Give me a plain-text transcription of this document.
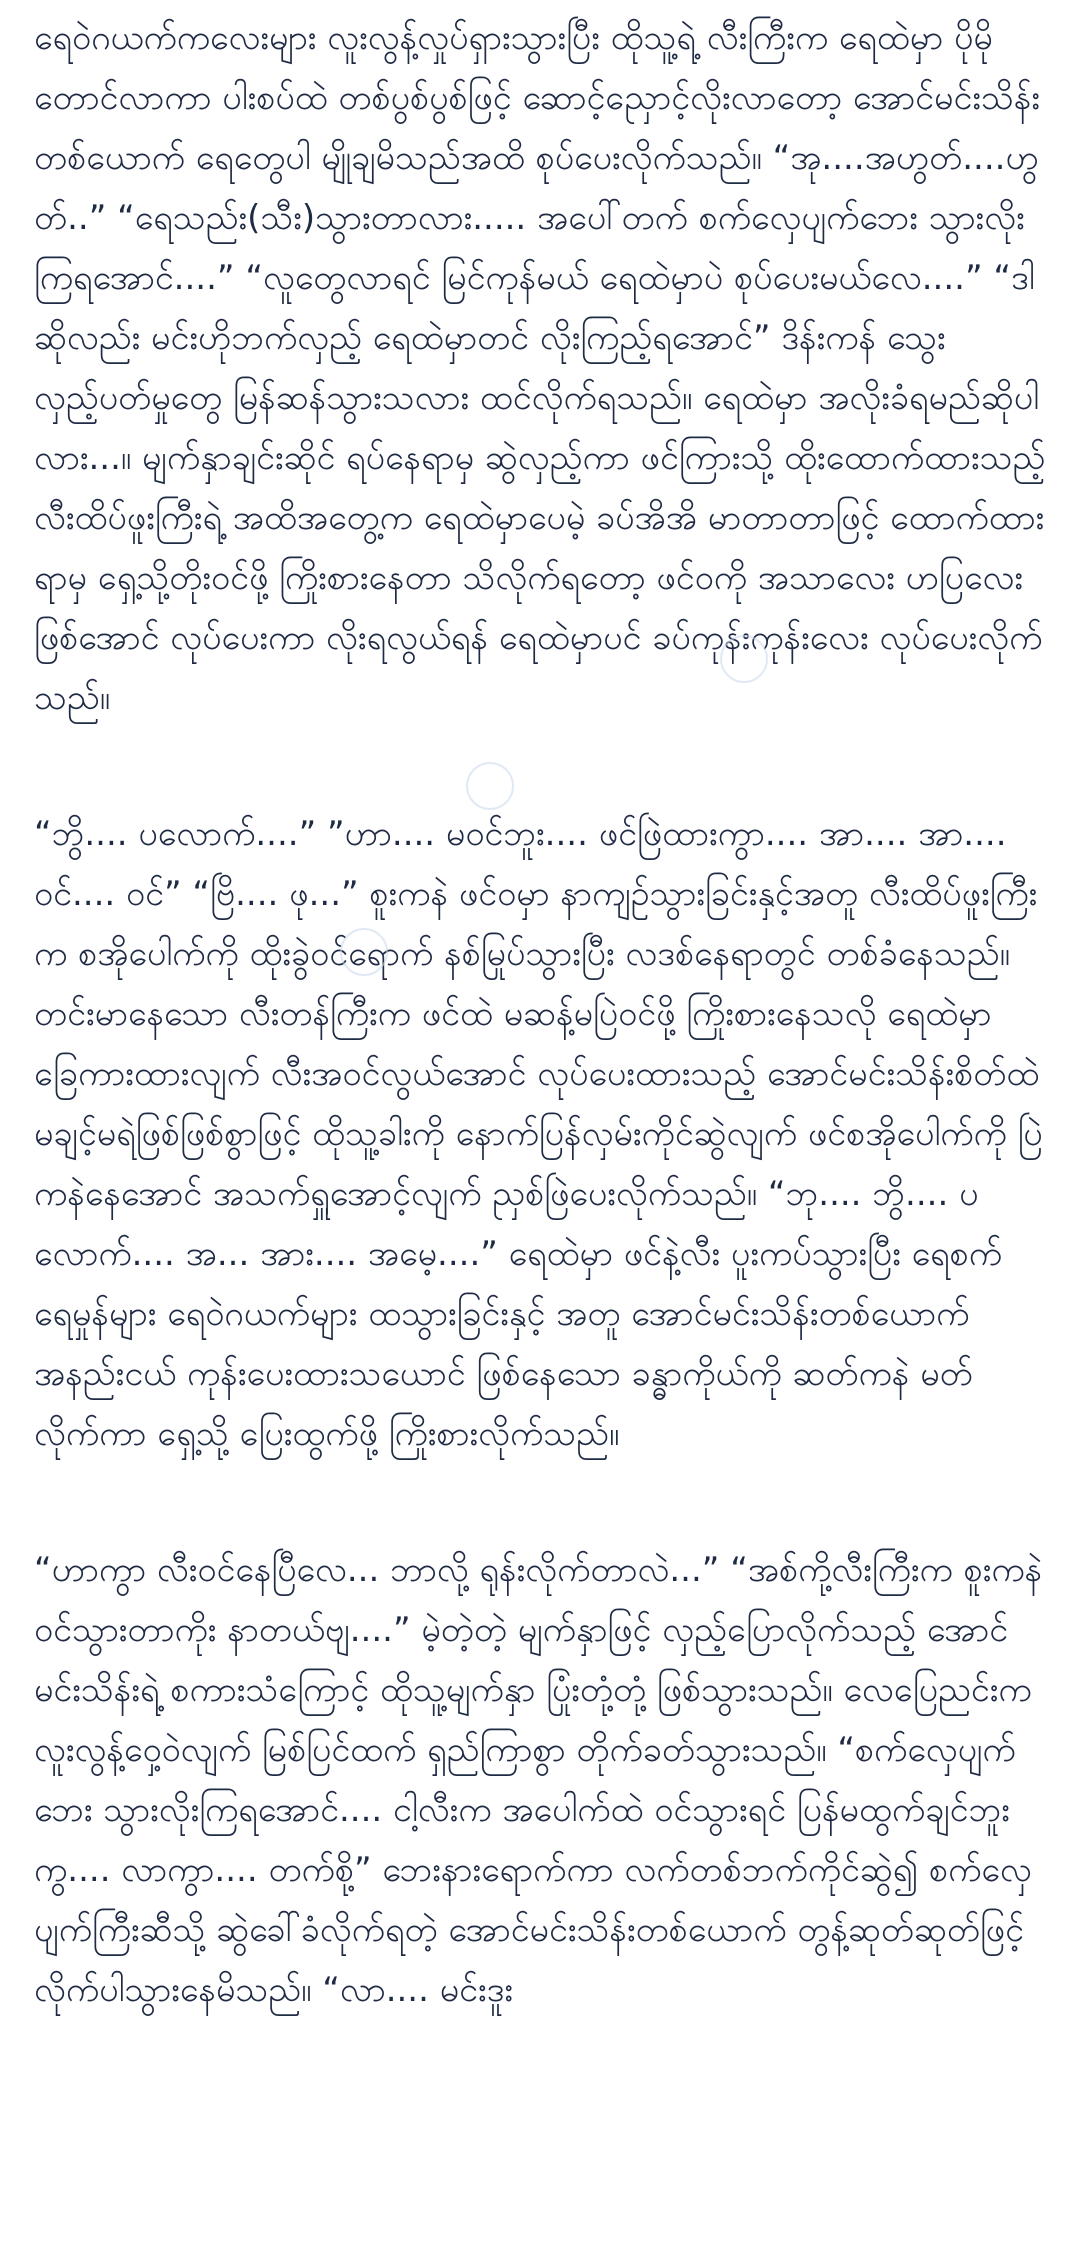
ရေဝဲဂယက်ကလေးများ လူးလွန့်လှုပ်ရှားသွားပြီး ထိုသူ့ရဲ့ လီးကြီးက ရေထဲမှာ ပိုမိုတောင်လာကာ ပါးစပ်ထဲ တစ်ပွစ်ပွစ်ဖြင့် ဆောင့်ညှောင့်လိုးလာတော့ အောင်မင်းသိန်းတစ်ယောက် ရေတွေပါ မျိုချမိသည်အထိ စုပ်ပေးလိုက်သည်။ “အု....အဟွတ်....ဟွတ်..” “ရေသည်း(သီး)သွားတာလား..... အပေါ်တက် စက်လှေပျက်ဘေး သွားလိုးကြရအောင်....” “လူတွေလာရင် မြင်ကုန်မယ် ရေထဲမှာပဲ စုပ်ပေးမယ်လေ....” “ဒါဆိုလည်း မင်းဟိုဘက်လှည့် ရေထဲမှာတင် လိုးကြည့်ရအောင်” ဒိန်းကန် သွေးလှည့်ပတ်မှုတွေ မြန်ဆန်သွားသလား ထင်လိုက်ရသည်။ ရေထဲမှာ အလိုးခံရမည်ဆိုပါလား...။ မျက်နှာချင်းဆိုင် ရပ်နေရာမှ ဆွဲလှည့်ကာ ဖင်ကြားသို့ ထိုးထောက်ထားသည့် လီးထိပ်ဖူးကြီးရဲ့ အထိအတွေ့က ရေထဲမှာပေမဲ့ ခပ်အိအိ မာတာတာဖြင့် ထောက်ထားရာမှ ရှေ့သို့တိုးဝင်ဖို့ ကြိုးစားနေတာ သိလိုက်ရတော့ ဖင်ဝကို အသာလေး ဟပြလေးဖြစ်အောင် လုပ်ပေးကာ လိုးရလွယ်ရန် ရေထဲမှာပင် ခပ်ကုန်းကုန်းလေး လုပ်ပေးလိုက်သည်။

“ဘွိ.... ပလောက်....” ”ဟာ.... မဝင်ဘူး.... ဖင်ဖြဲထားကွာ.... အာ.... အာ.... ဝင်.... ဝင်” “ဗြိ.... ဖု...” စူးကနဲ ဖင်ဝမှာ နာကျဉ်သွားခြင်းနှင့်အတူ လီးထိပ်ဖူးကြီးက စအိုပေါက်ကို ထိုးခွဲဝင်ရောက် နစ်မြုပ်သွားပြီး လဒစ်နေရာတွင် တစ်ခံနေသည်။ တင်းမာနေသော လီးတန်ကြီးက ဖင်ထဲ မဆန့်မပြဲဝင်ဖို့ ကြိုးစားနေသလို ရေထဲမှာ ခြေကားထားလျက် လီးအဝင်လွယ်အောင် လုပ်ပေးထားသည့် အောင်မင်းသိန်းစိတ်ထဲ မချင့်မရဲဖြစ်ဖြစ်စွာဖြင့် ထိုသူ့ခါးကို နောက်ပြန်လှမ်းကိုင်ဆွဲလျက် ဖင်စအိုပေါက်ကို ပြဲကနဲနေအောင် အသက်ရှူအောင့်လျက် ညှစ်ဖြဲပေးလိုက်သည်။ “ဘု.... ဘွိ.... ပလောက်.... အ... အား.... အမေ့....” ရေထဲမှာ ဖင်နဲ့လီး ပူးကပ်သွားပြီး ရေစက်ရေမှုန်များ ရေဝဲဂယက်များ ထသွားခြင်းနှင့် အတူ အောင်မင်းသိန်းတစ်ယောက် အနည်းငယ် ကုန်းပေးထားသယောင် ဖြစ်နေသော ခန္ဓာကိုယ်ကို ဆတ်ကနဲ မတ်လိုက်ကာ ရှေ့သို့ ပြေးထွက်ဖို့ ကြိုးစားလိုက်သည်။

“ဟာကွာ လီးဝင်နေပြီလေ... ဘာလို့ ရုန်းလိုက်တာလဲ...” “အစ်ကို့လီးကြီးက စူးကနဲ ဝင်သွားတာကိုး နာတယ်ဗျ....” မဲ့တဲ့တဲ့ မျက်နှာဖြင့် လှည့်ပြောလိုက်သည့် အောင်မင်းသိန်းရဲ့ စကားသံကြောင့် ထိုသူ့မျက်နှာ ပြုံးတုံ့တုံ့ ဖြစ်သွားသည်။ လေပြေညင်းက လူးလွန့်ဝှေ့ဝဲလျက် မြစ်ပြင်ထက် ရှည်ကြာစွာ တိုက်ခတ်သွားသည်။ “စက်လှေပျက်ဘေး သွားလိုးကြရအောင်.... ငါ့လီးက အပေါက်ထဲ ဝင်သွားရင် ပြန်မထွက်ချင်ဘူးကွ.... လာကွာ.... တက်စို့” ဘေးနားရောက်ကာ လက်တစ်ဘက်ကိုင်ဆွဲ၍ စက်လှေပျက်ကြီးဆီသို့ ဆွဲခေါ်ခံလိုက်ရတဲ့ အောင်မင်းသိန်းတစ်ယောက် တွန့်ဆုတ်ဆုတ်ဖြင့် လိုက်ပါသွားနေမိသည်။ “လာ.... မင်းဒူး
